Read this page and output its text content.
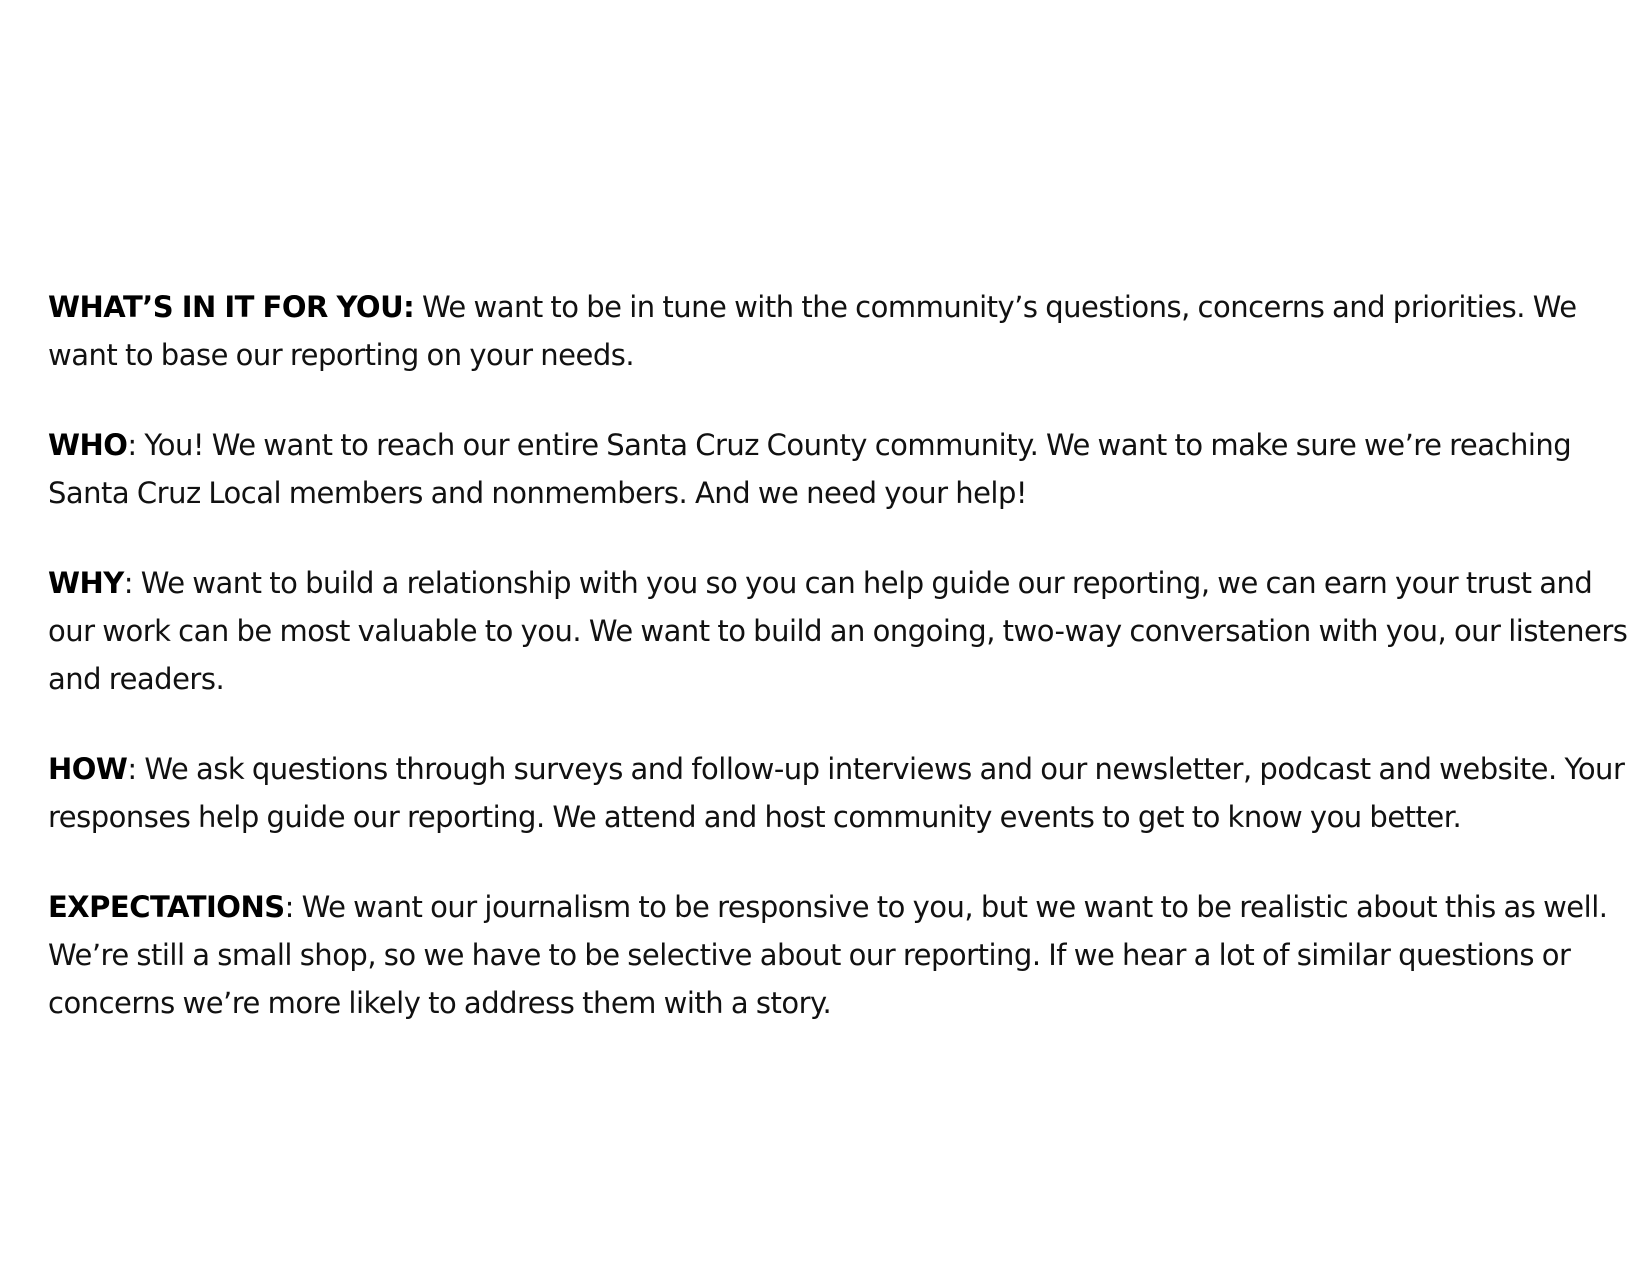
WHAT’S IN IT FOR YOU: We want to be in tune with the community’s questions, concerns and priorities. We want to base our reporting on your needs.

WHO: You! We want to reach our entire Santa Cruz County community. We want to make sure we’re reaching Santa Cruz Local members and nonmembers. And we need your help!

WHY: We want to build a relationship with you so you can help guide our reporting, we can earn your trust and our work can be most valuable to you. We want to build an ongoing, two-way conversation with you, our listeners and readers.

HOW: We ask questions through surveys and follow-up interviews and our newsletter, podcast and website. Your responses help guide our reporting. We attend and host community events to get to know you better.

EXPECTATIONS: We want our journalism to be responsive to you, but we want to be realistic about this as well. We’re still a small shop, so we have to be selective about our reporting. If we hear a lot of similar questions or concerns we’re more likely to address them with a story.
